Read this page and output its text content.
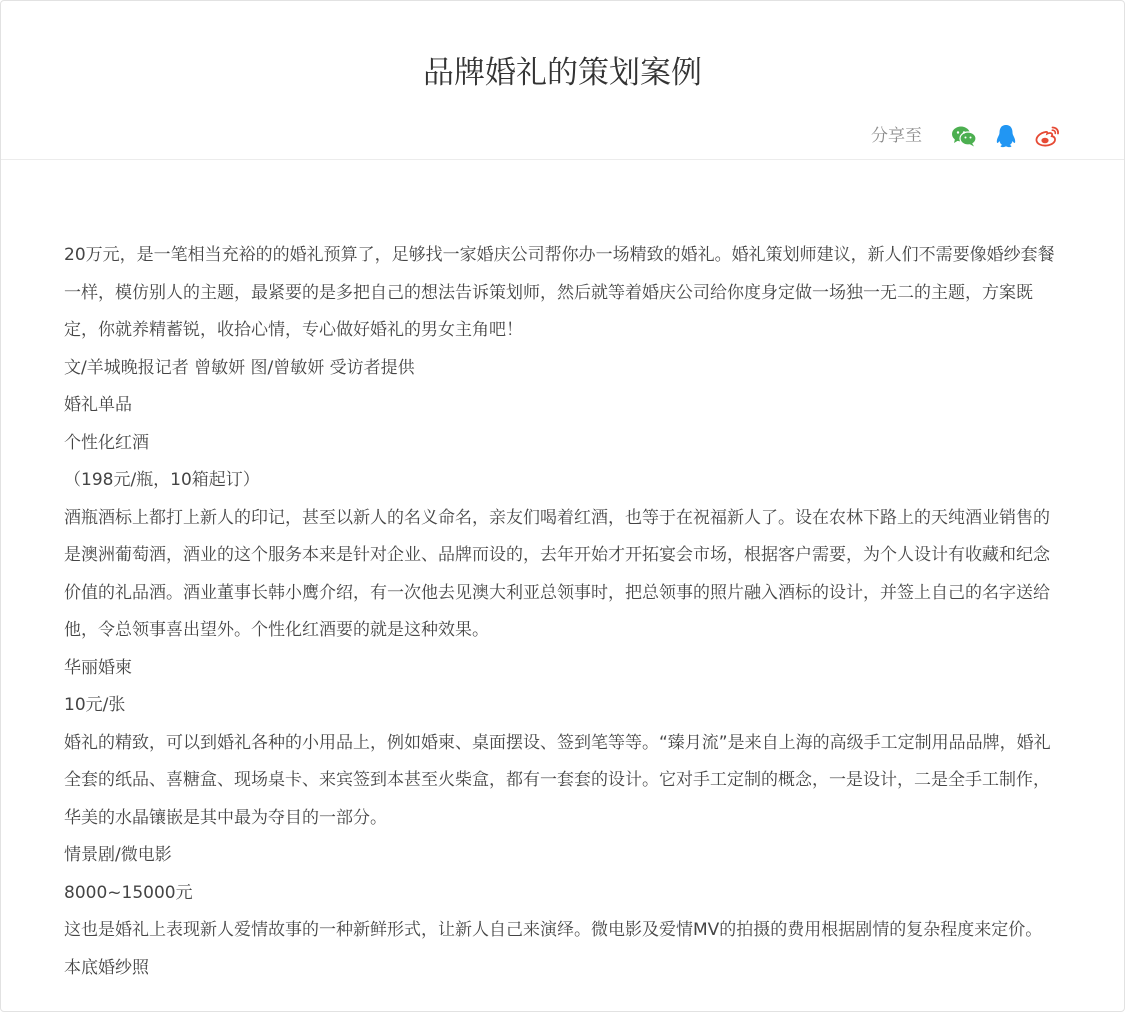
品牌婚礼的策划案例
分享至

20万元，是一笔相当充裕的的婚礼预算了，足够找一家婚庆公司帮你办一场精致的婚礼。婚礼策划师建议，新人们不需要像婚纱套餐一样，模仿别人的主题，最紧要的是多把自己的想法告诉策划师，然后就等着婚庆公司给你度身定做一场独一无二的主题，方案既定，你就养精蓄锐，收拾心情，专心做好婚礼的男女主角吧！

文/羊城晚报记者 曾敏妍 图/曾敏妍 受访者提供

婚礼单品

个性化红酒

（198元/瓶，10箱起订）

酒瓶酒标上都打上新人的印记，甚至以新人的名义命名，亲友们喝着红酒，也等于在祝福新人了。设在农林下路上的天纯酒业销售的是澳洲葡萄酒，酒业的这个服务本来是针对企业、品牌而设的，去年开始才开拓宴会市场，根据客户需要，为个人设计有收藏和纪念价值的礼品酒。酒业董事长韩小鹰介绍，有一次他去见澳大利亚总领事时，把总领事的照片融入酒标的设计，并签上自己的名字送给他，令总领事喜出望外。个性化红酒要的就是这种效果。

华丽婚柬

10元/张

婚礼的精致，可以到婚礼各种的小用品上，例如婚柬、桌面摆设、签到笔等等。“臻月流”是来自上海的高级手工定制用品品牌，婚礼全套的纸品、喜糖盒、现场桌卡、来宾签到本甚至火柴盒，都有一套套的设计。它对手工定制的概念，一是设计，二是全手工制作，华美的水晶镶嵌是其中最为夺目的一部分。

情景剧/微电影

8000~15000元

这也是婚礼上表现新人爱情故事的一种新鲜形式，让新人自己来演绎。微电影及爱情MV的拍摄的费用根据剧情的复杂程度来定价。

本底婚纱照
